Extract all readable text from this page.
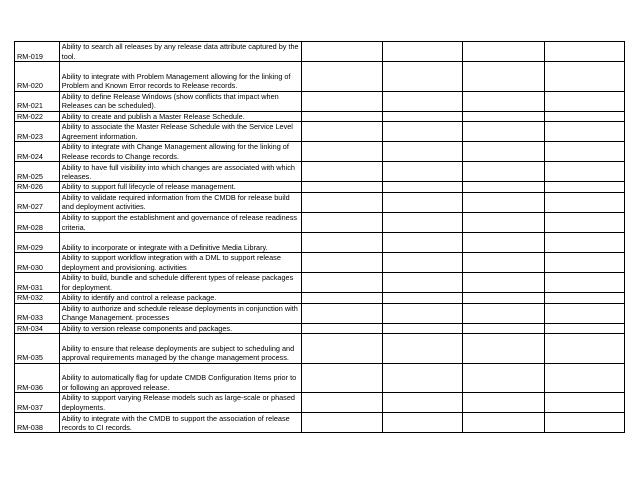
RM-019	Ability to search all releases by any release data attribute captured by the tool.				
RM-020	Ability to integrate with Problem Management allowing for the linking of Problem and Known Error records to Release records.				
RM-021	Ability to define Release Windows (show conflicts that impact when Releases can be scheduled).				
RM-022	Ability to create and publish a Master Release Schedule.				
RM-023	Ability to associate the Master Release Schedule with the Service Level Agreement information.				
RM-024	Ability to integrate with Change Management allowing for the linking of Release records to Change records.				
RM-025	Ability to have full visibility into which changes are associated with which releases.				
RM-026	Ability to support full lifecycle of release management.				
RM-027	Ability to validate required information from the CMDB for release build and deployment activities.				
RM-028	Ability to support the establishment and governance of release readiness criteria.				
RM-029	Ability to incorporate or integrate with a Definitive Media Library.				
RM-030	Ability to support workflow integration with a DML to support release deployment and provisioning. activities				
RM-031	Ability to build, bundle and schedule different types of release packages for deployment.				
RM-032	Ability to identify and control a release package.				
RM-033	Ability to authorize and schedule release deployments in conjunction with Change Management. processes				
RM-034	Ability to version release components and packages.				
RM-035	Ability to ensure that release deployments are subject to scheduling and approval requirements managed by the change management process.				
RM-036	Ability to automatically flag for update CMDB Configuration Items prior to or following an approved release.				
RM-037	Ability to support varying Release models such as large-scale or phased deployments.				
RM-038	Ability to integrate with the CMDB to support the association of release records to CI records.				
